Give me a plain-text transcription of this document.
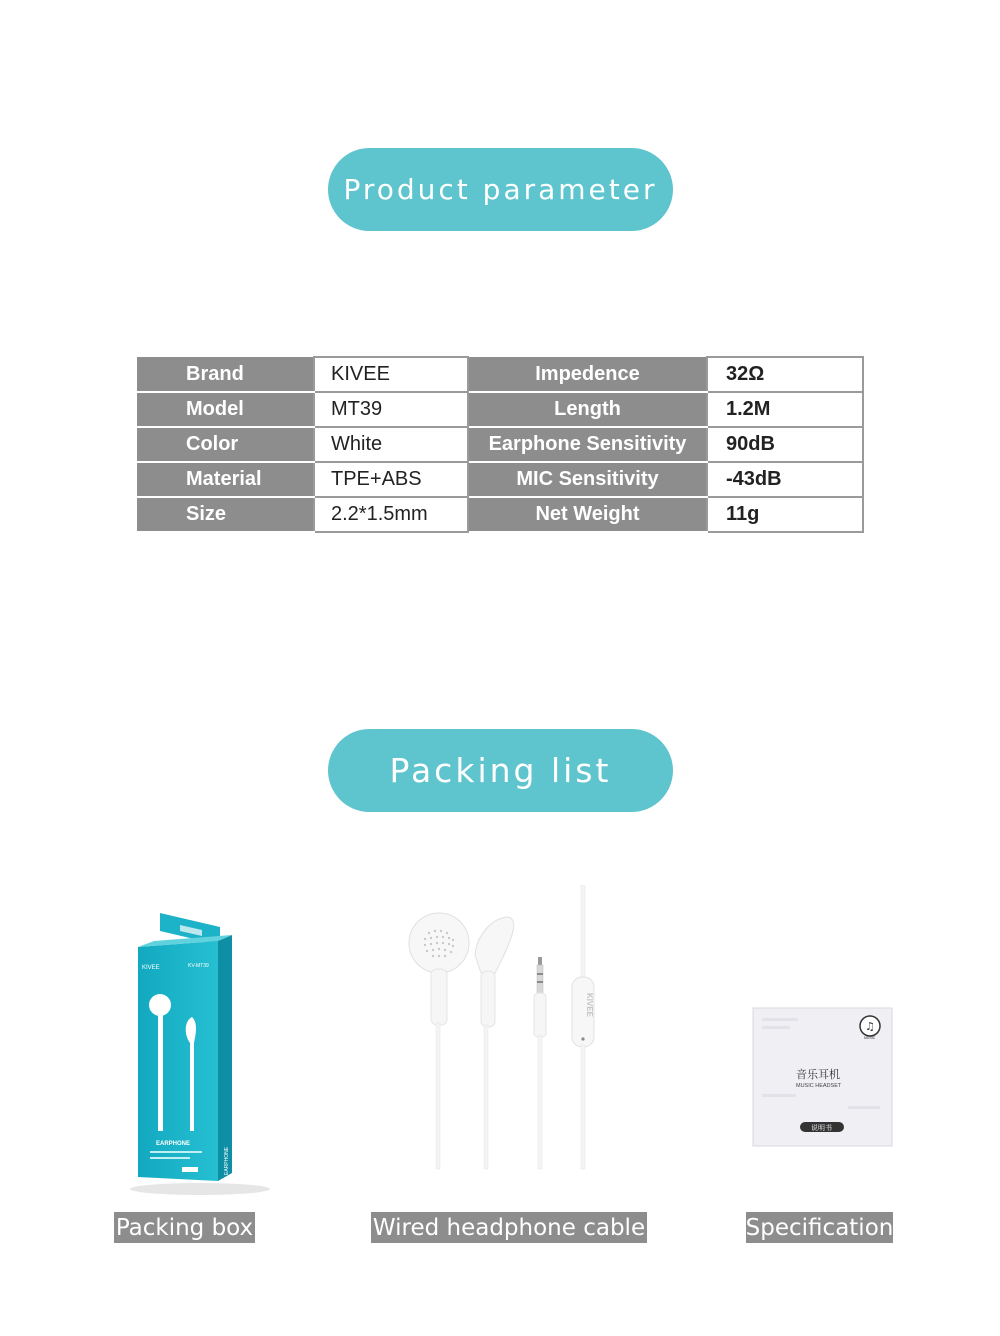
Product parameter
Brand	KIVEE	Impedence	32Ω
Model	MT39	Length	1.2M
Color	White	Earphone Sensitivity	90dB
Material	TPE+ABS	MIC Sensitivity	-43dB
Size	2.2*1.5mm	Net Weight	11g
Packing list
KIVEE	KV-MT39
EARPHONE
EARPHONE
KIVEE
♫
MUSIC
音乐耳机
MUSIC HEADSET
说明书
Packing box	Wired headphone cable	Specification
